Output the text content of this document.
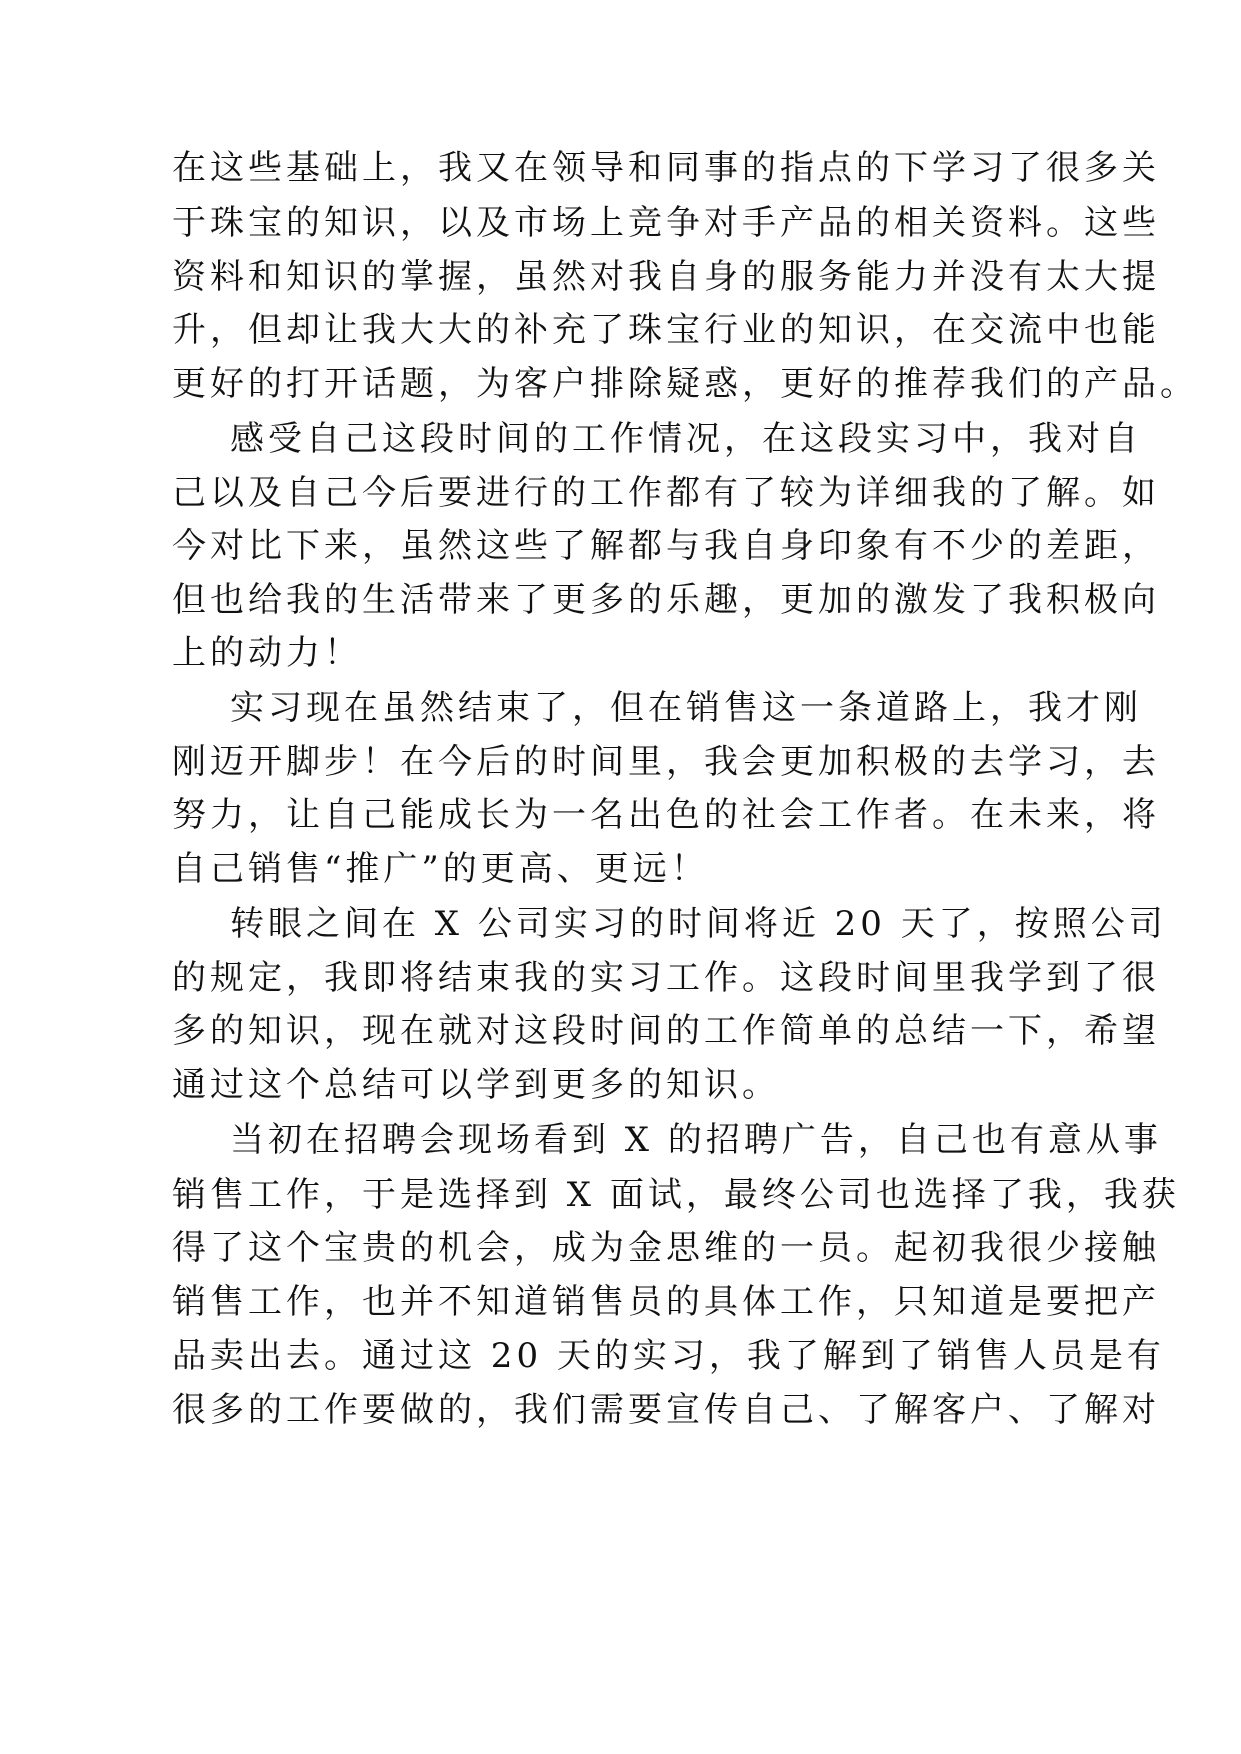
在这些基础上，我又在领导和同事的指点的下学习了很多关
于珠宝的知识，以及市场上竞争对手产品的相关资料。这些
资料和知识的掌握，虽然对我自身的服务能力并没有太大提
升，但却让我大大的补充了珠宝行业的知识，在交流中也能
更好的打开话题，为客户排除疑惑，更好的推荐我们的产品。
感受自己这段时间的工作情况，在这段实习中，我对自
己以及自己今后要进行的工作都有了较为详细我的了解。如
今对比下来，虽然这些了解都与我自身印象有不少的差距，
但也给我的生活带来了更多的乐趣，更加的激发了我积极向
上的动力！
实习现在虽然结束了，但在销售这一条道路上，我才刚
刚迈开脚步！在今后的时间里，我会更加积极的去学习，去
努力，让自己能成长为一名出色的社会工作者。在未来，将
自己销售“推广”的更高、更远！
转眼之间在 X 公司实习的时间将近 20 天了，按照公司
的规定，我即将结束我的实习工作。这段时间里我学到了很
多的知识，现在就对这段时间的工作简单的总结一下，希望
通过这个总结可以学到更多的知识。
当初在招聘会现场看到 X 的招聘广告，自己也有意从事
销售工作，于是选择到 X 面试，最终公司也选择了我，我获
得了这个宝贵的机会，成为金思维的一员。起初我很少接触
销售工作，也并不知道销售员的具体工作，只知道是要把产
品卖出去。通过这 20 天的实习，我了解到了销售人员是有
很多的工作要做的，我们需要宣传自己、了解客户、了解对
